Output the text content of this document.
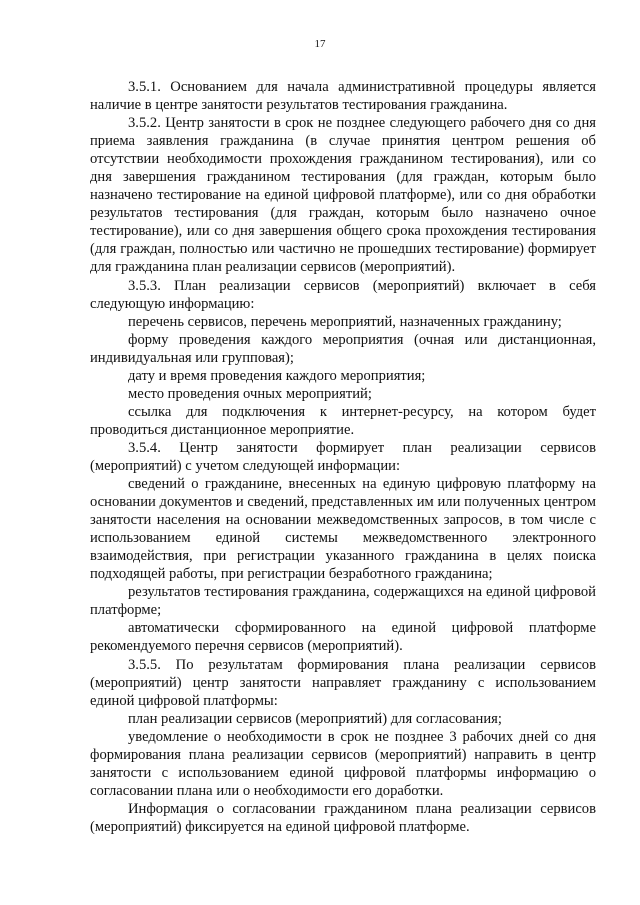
17

3.5.1. Основанием для начала административной процедуры является наличие в центре занятости результатов тестирования гражданина.

3.5.2. Центр занятости в срок не позднее следующего рабочего дня со дня приема заявления гражданина (в случае принятия центром решения об отсутствии необходимости прохождения гражданином тестирования), или со дня завершения гражданином тестирования (для граждан, которым было назначено тестирование на единой цифровой платформе), или со дня обработки результатов тестирования (для граждан, которым было назначено очное тестирование), или со дня завершения общего срока прохождения тестирования (для граждан, полностью или частично не прошедших тестирование) формирует для гражданина план реализации сервисов (мероприятий).

3.5.3. План реализации сервисов (мероприятий) включает в себя следующую информацию:

перечень сервисов, перечень мероприятий, назначенных гражданину;

форму проведения каждого мероприятия (очная или дистанционная, индивидуальная или групповая);

дату и время проведения каждого мероприятия;

место проведения очных мероприятий;

ссылка для подключения к интернет-ресурсу, на котором будет проводиться дистанционное мероприятие.

3.5.4. Центр занятости формирует план реализации сервисов (мероприятий) с учетом следующей информации:

сведений о гражданине, внесенных на единую цифровую платформу на основании документов и сведений, представленных им или полученных центром занятости населения на основании межведомственных запросов, в том числе с использованием единой системы межведомственного электронного взаимодействия, при регистрации указанного гражданина в целях поиска подходящей работы, при регистрации безработного гражданина;

результатов тестирования гражданина, содержащихся на единой цифровой платформе;

автоматически сформированного на единой цифровой платформе рекомендуемого перечня сервисов (мероприятий).

3.5.5. По результатам формирования плана реализации сервисов (мероприятий) центр занятости направляет гражданину с использованием единой цифровой платформы:

план реализации сервисов (мероприятий) для согласования;

уведомление о необходимости в срок не позднее 3 рабочих дней со дня формирования плана реализации сервисов (мероприятий) направить в центр занятости с использованием единой цифровой платформы информацию о согласовании плана или о необходимости его доработки.

Информация о согласовании гражданином плана реализации сервисов (мероприятий) фиксируется на единой цифровой платформе.
